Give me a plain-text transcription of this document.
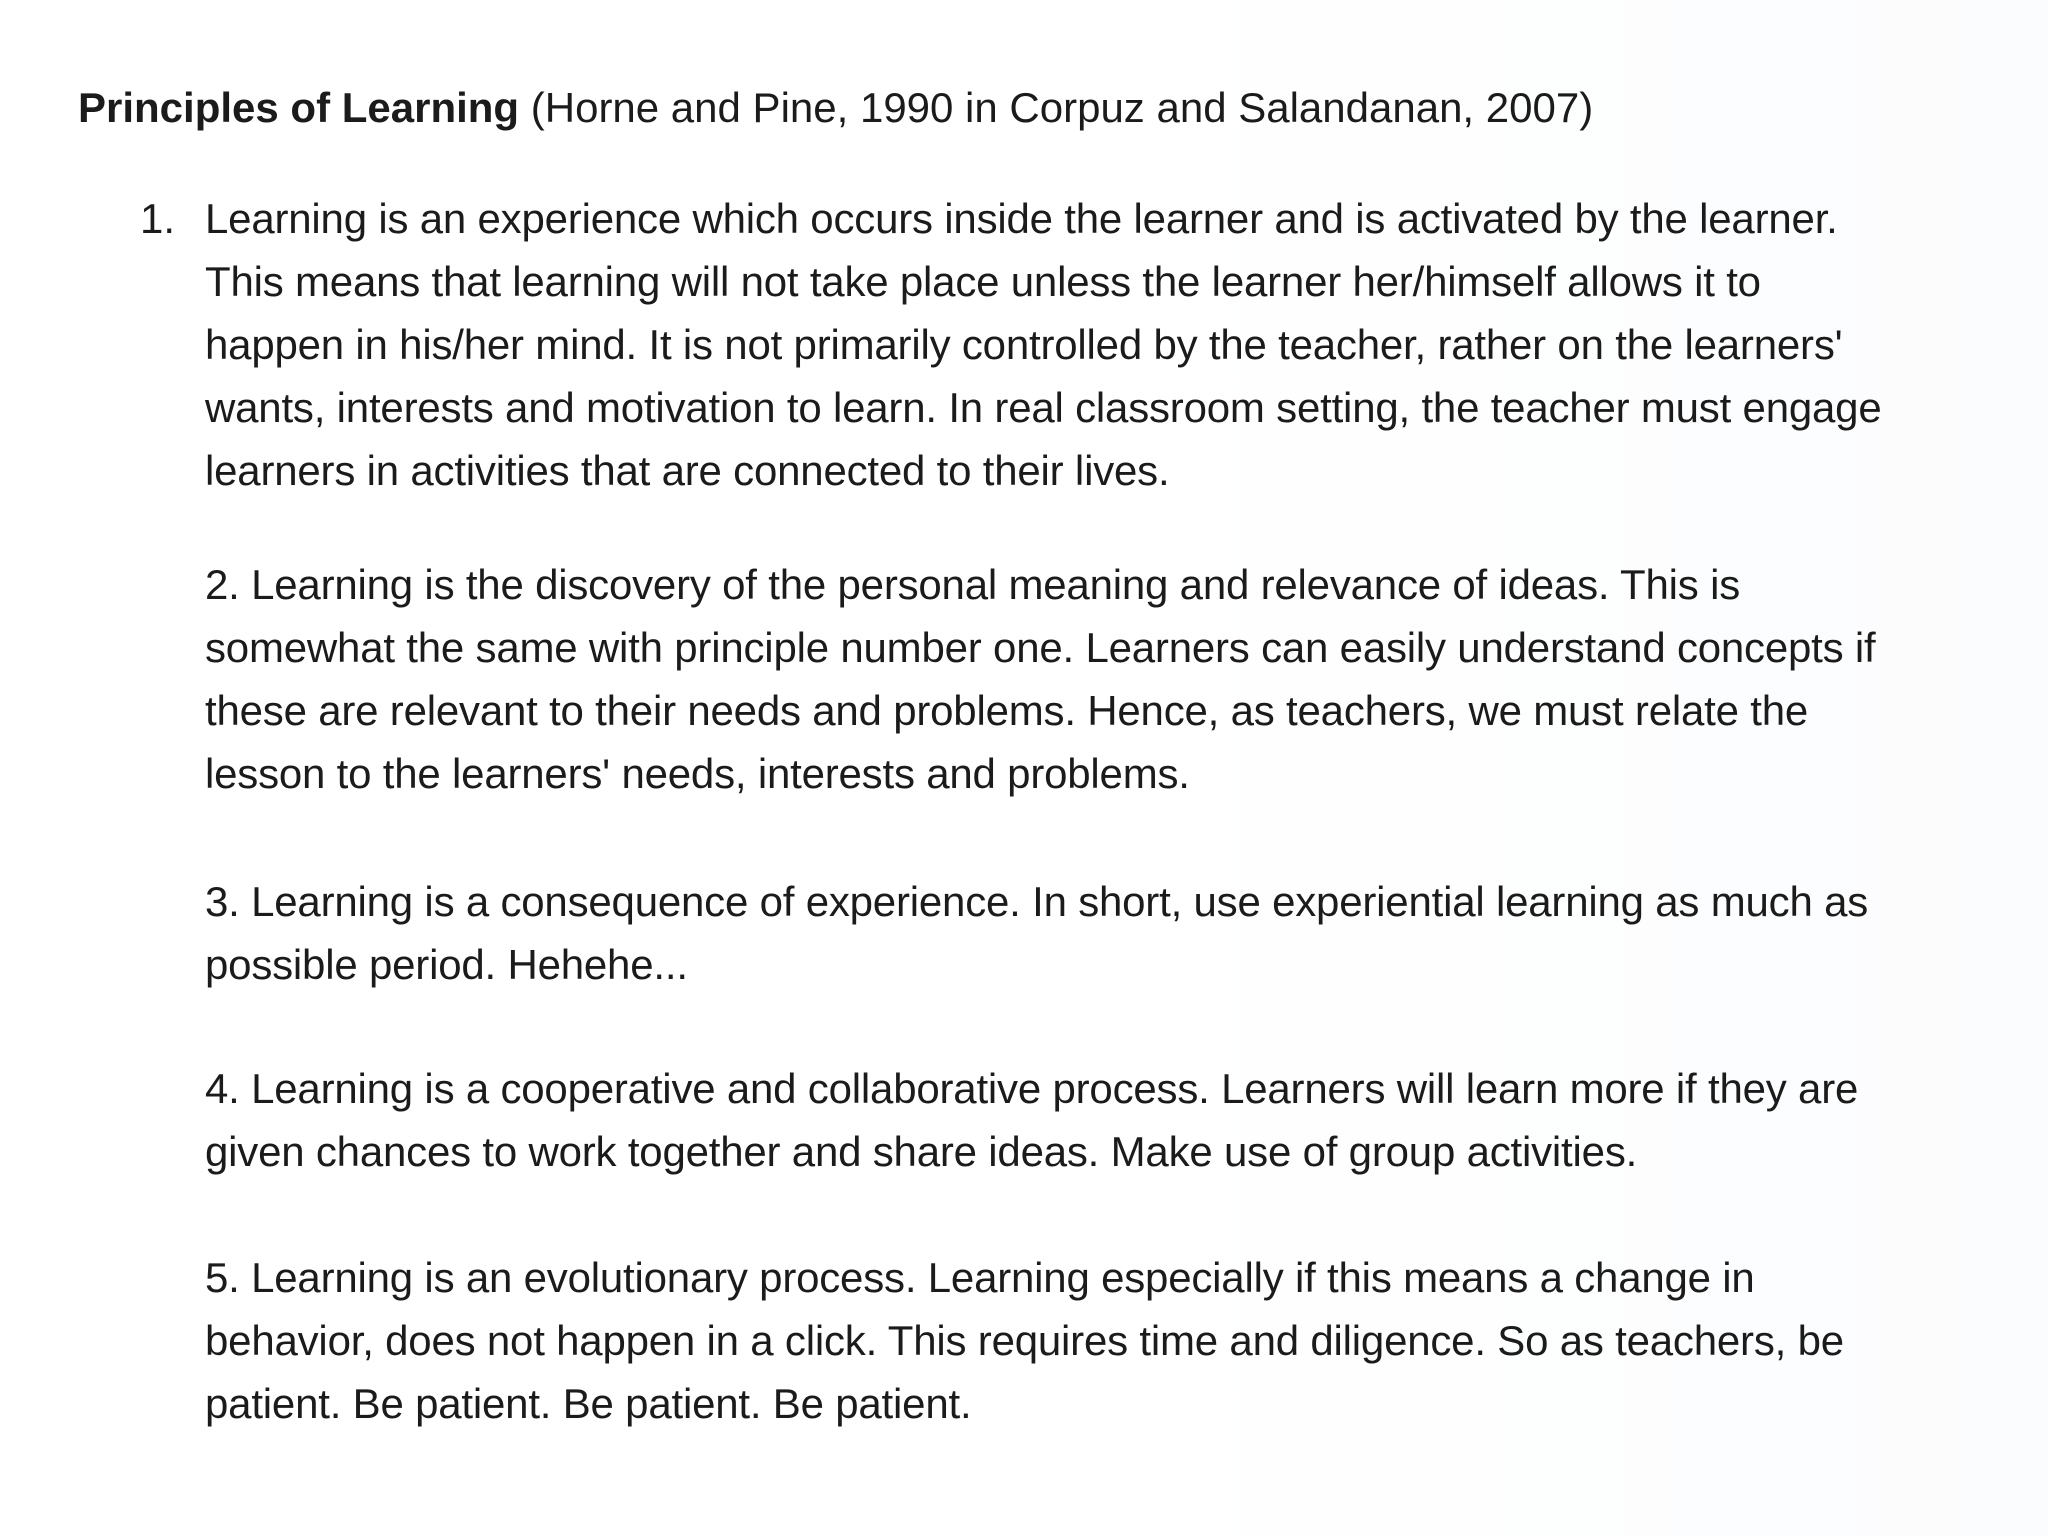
Principles of Learning (Horne and Pine, 1990 in Corpuz and Salandanan, 2007)
1. Learning is an experience which occurs inside the learner and is activated by the learner.
This means that learning will not take place unless the learner her/himself allows it to
happen in his/her mind. It is not primarily controlled by the teacher, rather on the learners'
wants, interests and motivation to learn. In real classroom setting, the teacher must engage
learners in activities that are connected to their lives.

2. Learning is the discovery of the personal meaning and relevance of ideas. This is
somewhat the same with principle number one. Learners can easily understand concepts if
these are relevant to their needs and problems. Hence, as teachers, we must relate the
lesson to the learners' needs, interests and problems.

3. Learning is a consequence of experience. In short, use experiential learning as much as
possible period. Hehehe...

4. Learning is a cooperative and collaborative process. Learners will learn more if they are
given chances to work together and share ideas. Make use of group activities.

5. Learning is an evolutionary process. Learning especially if this means a change in
behavior, does not happen in a click. This requires time and diligence. So as teachers, be
patient. Be patient. Be patient. Be patient.
